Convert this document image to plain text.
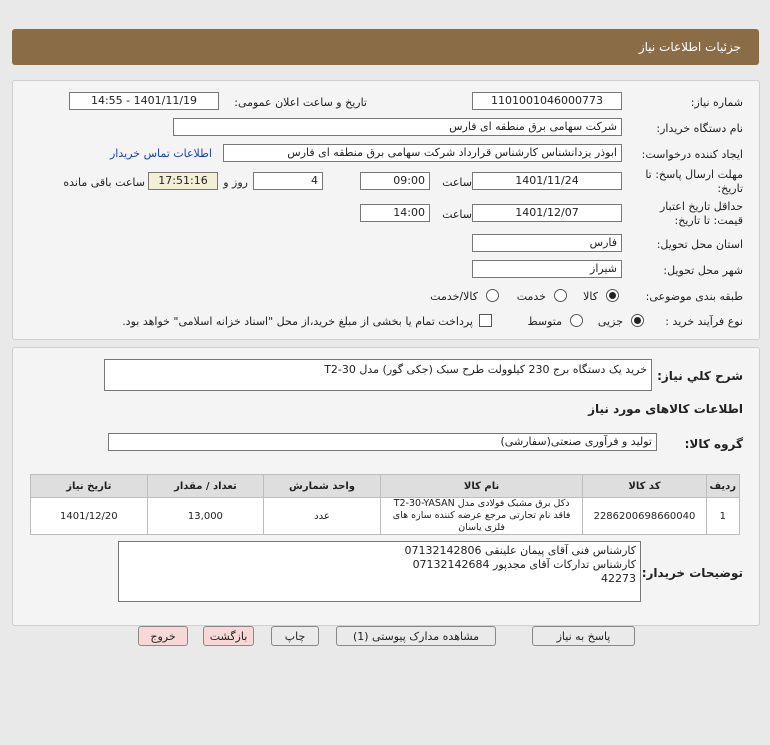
جزئیات اطلاعات نیاز
شماره نیاز:
1101001046000773
تاریخ و ساعت اعلان عمومی:
1401/11/19 - 14:55
نام دستگاه خریدار:
شرکت سهامی برق منطقه ای فارس
ایجاد کننده درخواست:
ابوذر یزدانشناس کارشناس قرارداد شرکت سهامی برق منطقه ای فارس
اطلاعات تماس خریدار
مهلت ارسال پاسخ: تا
تاریخ:
1401/11/24
ساعت
09:00
4
روز و
17:51:16
ساعت باقی مانده
حداقل تاریخ اعتبار
قیمت: تا تاریخ:
1401/12/07
ساعت
14:00
استان محل تحویل:
فارس
شهر محل تحویل:
شیراز
طبقه بندی موضوعی:
کالا
خدمت
کالا/خدمت
نوع فرآیند خرید :
جزیی
متوسط
پرداخت تمام یا بخشی از مبلغ خرید،از محل "اسناد خزانه اسلامی" خواهد بود.
شرح کلي نياز:
خرید یک دستگاه برج 230 کیلوولت طرح سبک (جکی گور) مدل T2-30
اطلاعات کالاهای مورد نیاز
گروه کالا:
تولید و فرآوری صنعتی(سفارشی)
ردیف	کد کالا	نام کالا	واحد شمارش	تعداد / مقدار	تاریخ نیاز
1	2286200698660040	دکل برق مشبک فولادی مدل T2-30-YASAN فاقد نام تجارتی مرجع عرضه کننده سازه های فلزی یاسان	عدد	13,000	1401/12/20
توضیحات خریدار:
کارشناس فنی آقای پیمان علینقی 07132142806
کارشناس تدارکات آقای مجدپور 07132142684
42273
پاسخ به نیاز
مشاهده مدارک پیوستی (1)
چاپ
بازگشت
خروج
